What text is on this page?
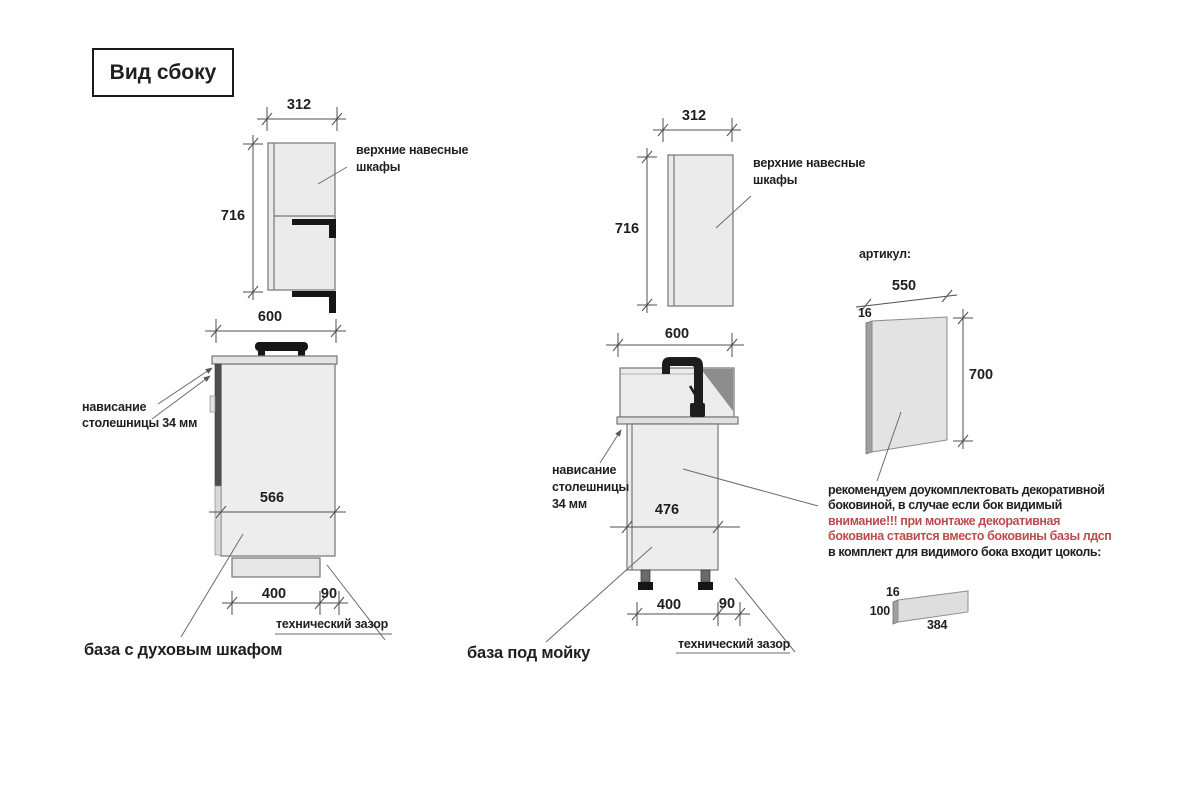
Вид сбоку
312
716
верхние навесные
шкафы
600
566
400	90
технический зазор
нависание
столешницы 34 мм
база с духовым шкафом
312
716
верхние навесные
шкафы
600
476
400	90
технический зазор
нависание
столешницы
34 мм
база под мойку
артикул:
550
16
700
рекомендуем доукомплектовать декоративной
боковиной, в случае если бок видимый
внимание!!! при монтаже декоративная
боковина ставится вместо боковины базы лдсп
в комплект для видимого бока входит цоколь:
16
100
384
